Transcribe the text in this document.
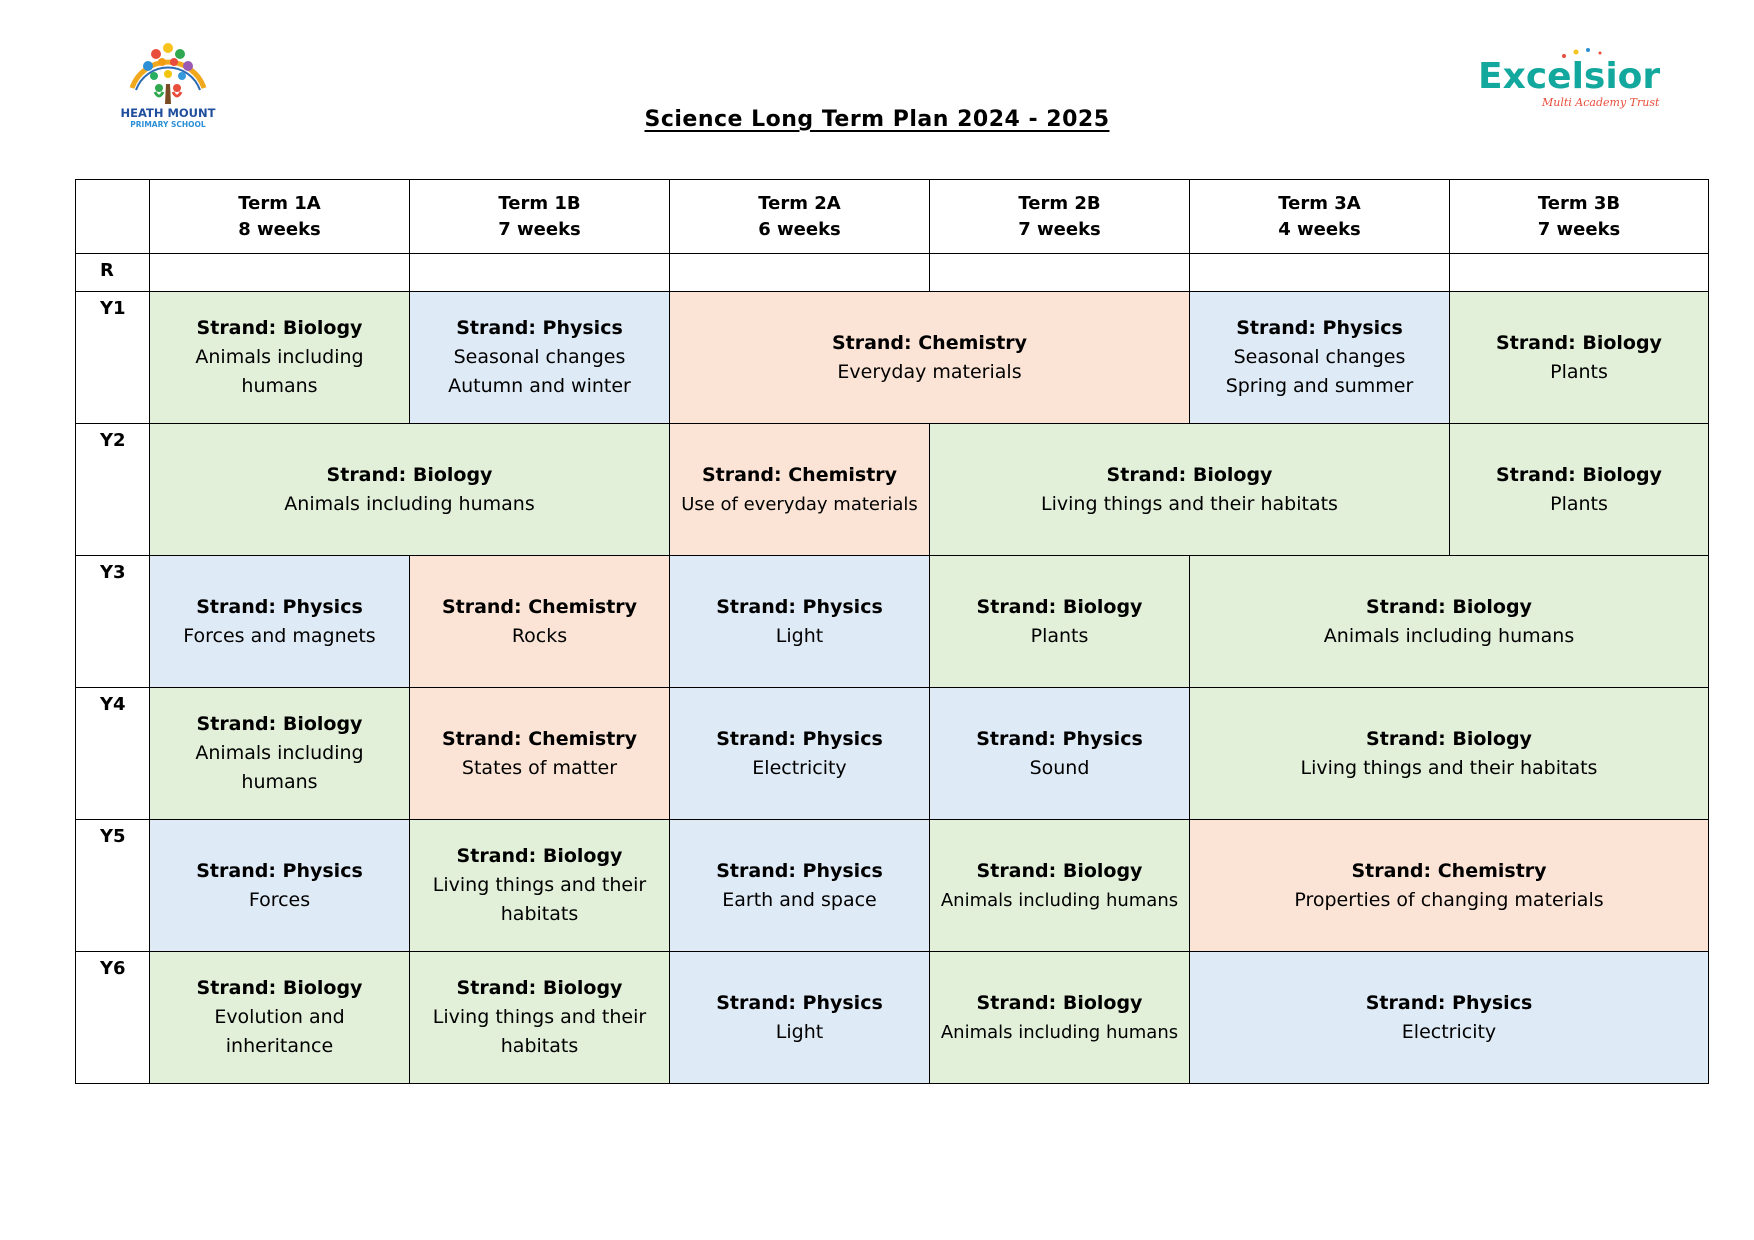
HEATH MOUNT
PRIMARY SCHOOL
Excelsior
Multi Academy Trust
Science Long Term Plan 2024 - 2025
	Term 1A
8 weeks	Term 1B
7 weeks	Term 2A
6 weeks	Term 2B
7 weeks	Term 3A
4 weeks	Term 3B
7 weeks
R						
Y1	Strand: Biology
Animals including humans	Strand: Physics
Seasonal changes
Autumn and winter	Strand: Chemistry
Everyday materials		Strand: Physics
Seasonal changes
Spring and summer	Strand: Biology
Plants

Y2	Strand: Biology
Animals including humans		Strand: Chemistry
Use of everyday materials	Strand: Biology
Living things and their habitats		Strand: Biology
Plants

Y3	Strand: Physics
Forces and magnets	Strand: Chemistry
Rocks	Strand: Physics
Light	Strand: Biology
Plants	Strand: Biology
Animals including humans	

Y4	Strand: Biology
Animals including humans	Strand: Chemistry
States of matter	Strand: Physics
Electricity	Strand: Physics
Sound	Strand: Biology
Living things and their habitats	

Y5	Strand: Physics
Forces	Strand: Biology
Living things and their habitats	Strand: Physics
Earth and space	Strand: Biology
Animals including humans	Strand: Chemistry
Properties of changing materials	

Y6	Strand: Biology
Evolution and inheritance	Strand: Biology
Living things and their habitats	Strand: Physics
Light	Strand: Biology
Animals including humans	Strand: Physics
Electricity	
